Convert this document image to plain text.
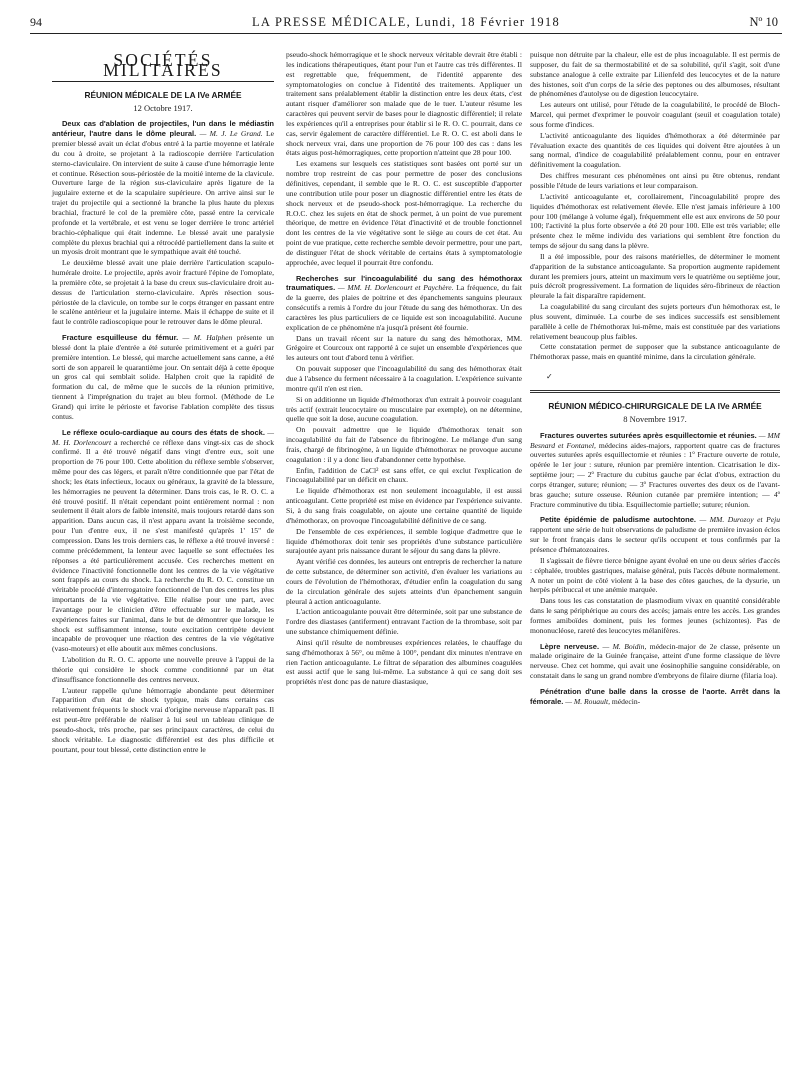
94	LA PRESSE MÉDICALE, Lundi, 18 Février 1918	Nº 10
SOCIÉTÉS MILITAIRES
RÉUNION MÉDICALE DE LA IVe ARMÉE
12 Octobre 1917.

Deux cas d'ablation de projectiles, l'un dans le médiastin antérieur, l'autre dans le dôme pleural. — M. J. Le Grand. Le premier blessé avait un éclat d'obus entré à la partie moyenne et latérale du cou à droite, se projetant à la radioscopie derrière l'articulation sterno-claviculaire. On intervient de suite à cause d'une hémorragie lente et continue. Résection sous-périostée de la moitié interne de la clavicule. Ouverture large de la région sus-claviculaire après ligature de la jugulaire externe et de la scapulaire supérieure. On arrive ainsi sur le trajet du projectile qui a sectionné la branche la plus haute du plexus brachial, fracturé le col de la première côte, passé entre la cervicale profonde et la vertébrale, et est venu se loger derrière le tronc artériel brachio-céphalique qui était indemne. Le blessé avait une paralysie complète du plexus brachial qui a rétrocédé partiellement dans la suite et un myosis droit montrant que le sympathique avait été touché.

Le deuxième blessé avait une plaie derrière l'articulation scapulo-humérale droite. Le projectile, après avoir fracturé l'épine de l'omoplate, la première côte, se projetait à la base du creux sus-claviculaire droit au-dessus de l'articulation sterno-claviculaire. Après résection sous-périostée de la clavicule, on tombe sur le corps étranger en passant entre le scalène antérieur et la jugulaire interne. Mais il échappe de suite et il faut le contrôle radioscopique pour le retrouver dans le dôme pleural.

Fracture esquilleuse du fémur. — M. Halphen présente un blessé dont la plaie d'entrée a été suturée primitivement et a guéri par première intention. Le blessé, qui marche actuellement sans canne, a été sorti de son appareil le quarantième jour. On sentait déjà à cette époque un gros cal qui semblait solide. Halphen croit que la rapidité de formation du cal, de même que le succès de la réunion primitive, tiennent à l'imprégnation du trajet au bleu formol. (Méthode de Le Grand) qui irrite le périoste et favorise l'ablation complète des tissus contus.

Le réflexe oculo-cardiaque au cours des états de shock. — M. H. Dorlencourt a recherché ce réflexe dans vingt-six cas de shock confirmé. Il a été trouvé négatif dans vingt d'entre eux, soit une proportion de 76 pour 100. Cette abolition du réflexe semble s'observer, même pour des cas légers, et paraît n'être conditionnée que par l'état de shock; les états infectieux, locaux ou généraux, la gravité de la blessure, les hémorragies ne peuvent la déterminer. Dans trois cas, le R. O. C. a été trouvé positif. Il n'était cependant point entièrement normal : non seulement il était alors de faible intensité, mais toujours retardé dans son apparition. Dans aucun cas, il n'est apparu avant la troisième seconde, pour l'un d'entre eux, il ne s'est manifesté qu'après 1' 15" de compression. Dans les trois derniers cas, le réflexe a été trouvé inversé : comme précédemment, la lenteur avec laquelle se sont effectuées les réponses a été particulièrement accusée. Ces recherches mettent en évidence l'inactivité fonctionnelle dont les centres de la vie végétative sont frappés au cours du shock. La recherche du R. O. C. constitue un véritable procédé d'interrogatoire fonctionnel de l'un des centres les plus importants de la vie végétative. Elle réalise pour une part, avec l'avantage pour le clinicien d'être effectuable sur le malade, les expériences faites sur l'animal, dans le but de démontrer que lorsque le shock est suffisamment intense, toute excitation centripète devient incapable de provoquer une réaction des centres de la vie végétative (vaso-moteurs) et elle aboutit aux mêmes conclusions.

L'abolition du R. O. C. apporte une nouvelle preuve à l'appui de la théorie qui considère le shock comme conditionné par un état d'insuffisance fonctionnelle des centres nerveux.

L'auteur rappelle qu'une hémorragie abondante peut déterminer l'apparition d'un état de shock typique, mais dans certains cas relativement fréquents le shock vrai d'origine nerveuse n'apparaît pas. Il est peut-être préférable de réaliser à lui seul un tableau clinique de pseudo-shock, très proche, par ses principaux caractères, de celui du shock véritable. Le diagnostic différentiel est des plus difficile et pourtant, pour tout blessé, cette distinction entre le

pseudo-shock hémorragique et le shock nerveux véritable devrait être établi : les indications thérapeutiques, étant pour l'un et l'autre cas très différentes. Il est regrettable que, fréquemment, de l'identité apparente des symptomatologies on conclue à l'identité des traitements. Appliquer un traitement sans préalablement établir la distinction entre les deux états, c'est autant risquer d'améliorer son malade que de le tuer. L'auteur résume les caractères qui peuvent servir de bases pour le diagnostic différentiel; il relate les expériences qu'il a entreprises pour établir si le R. O. C. pourrait, dans ce cas, servir également de caractère différentiel. Le R. O. C. est aboli dans le shock nerveux vrai, dans une proportion de 76 pour 100 des cas : dans les états aigus post-hémorragiques, cette proportion n'atteint que 28 pour 100.

Les examens sur lesquels ces statistiques sont basées ont porté sur un nombre trop restreint de cas pour permettre de poser des conclusions définitives, cependant, il semble que le R. O. C. est susceptible d'apporter une contribution utile pour poser un diagnostic différentiel entre les états de shock nerveux et de pseudo-shock post-hémorragique. La recherche du R.O.C. chez les sujets en état de shock permet, à un point de vue purement théorique, de mettre en évidence l'état d'inactivité et de trouble fonctionnel dont les centres de la vie végétative sont le siège au cours de cet état. Au point de vue pratique, cette recherche semble devoir permettre, pour une part, de distinguer l'état de shock véritable de certains états à symptomatologie approchée, avec lequel il pourrait être confondu.

Recherches sur l'incoagulabilité du sang des hémothorax traumatiques. — MM. H. Dorlencourt et Paychère. La fréquence, du fait de la guerre, des plaies de poitrine et des épanchements sanguins pleuraux consécutifs a remis à l'ordre du jour l'étude du sang des hémothorax. Un des caractères les plus particuliers de ce liquide est son incoagulabilité. Aucune explication de ce phénomène n'a jusqu'à présent été fournie.

Dans un travail récent sur la nature du sang des hémothorax, MM. Grégoire et Courcoux ont rapporté à ce sujet un ensemble d'expériences que les auteurs ont tout d'abord tenu à vérifier.

On pouvait supposer que l'incoagulabilité du sang des hémothorax était due à l'absence du ferment nécessaire à la coagulation. L'expérience suivante montre qu'il n'en est rien.

Si on additionne un liquide d'hémothorax d'un extrait à pouvoir coagulant très actif (extrait leucocytaire ou musculaire par exemple), on ne détermine, quelle que soit la dose, aucune coagulation.

On pouvait admettre que le liquide d'hémothorax tenait son incoagulabilité du fait de l'absence du fibrinogène. Le mélange d'un sang frais, chargé de fibrinogène, à un liquide d'hémothorax ne provoque aucune coagulation : il y a donc lieu d'abandonner cette hypothèse.

Enfin, l'addition de CaCl² est sans effet, ce qui exclut l'explication de l'incoagulabilité par un déficit en chaux.

Le liquide d'hémothorax est non seulement incoagulable, il est aussi anticoagulant. Cette propriété est mise en évidence par l'expérience suivante. Si, à du sang frais coagulable, on ajoute une certaine quantité de liquide d'hémothorax, on provoque l'incoagulabilité définitive de ce sang.

De l'ensemble de ces expériences, il semble logique d'admettre que le liquide d'hémothorax doit tenir ses propriétés d'une substance particulière surajoutée ayant pris naissance durant le séjour du sang dans la plèvre.

Ayant vérifié ces données, les auteurs ont entrepris de rechercher la nature de cette substance, de déterminer son activité, d'en évaluer les variations au cours de l'évolution de l'hémothorax, d'étudier enfin la coagulation du sang de la circulation générale des sujets atteints d'un épanchement sanguin pleural à action anticoagulante.

L'action anticoagulante pouvait être déterminée, soit par une substance de l'ordre des diastases (antiferment) entravant l'action de la thrombase, soit par une substance chimiquement définie.

Ainsi qu'il résulte de nombreuses expériences relatées, le chauffage du sang d'hémothorax à 56°, ou même à 100°, pendant dix minutes n'entrave en rien l'action anticoagulante. Le filtrat de séparation des albumines coagulées est aussi actif que le sang lui-même. La substance à qui ce sang doit ses propriétés n'est donc pas de nature diastasique,

puisque non détruite par la chaleur, elle est de plus incoagulable. Il est permis de supposer, du fait de sa thermostabilité et de sa solubilité, qu'il s'agit, soit d'une substance analogue à celle extraite par Lilienfeld des leucocytes et de la nature des histones, soit d'un corps de la série des peptones ou des albumoses, résultant de phénomènes d'autolyse ou de digestion leucocytaire.

Les auteurs ont utilisé, pour l'étude de la coagulabilité, le procédé de Bloch-Marcel, qui permet d'exprimer le pouvoir coagulant (seuil et coagulation totale) sous forme d'indices.

L'activité anticoagulante des liquides d'hémothorax a été déterminée par l'évaluation exacte des quantités de ces liquides qui doivent être ajoutées à un sang normal, d'indice de coagulabilité préalablement connu, pour en entraver définitivement la coagulation.

Des chiffres mesurant ces phénomènes ont ainsi pu être obtenus, rendant possible l'étude de leurs variations et leur comparaison.

L'activité anticoagulante et, corollairement, l'incoagulabilité propre des liquides d'hémothorax est relativement élevée. Elle n'est jamais inférieure à 100 pour 100 (mélange à volume égal), fréquemment elle est aux environs de 50 pour 100; l'activité la plus forte observée a été 20 pour 100. Elle est très variable; elle présente chez le même individu des variations qui semblent être fonction du temps de séjour du sang dans la plèvre.

Il a été impossible, pour des raisons matérielles, de déterminer le moment d'apparition de la substance anticoagulante. Sa proportion augmente rapidement durant les premiers jours, atteint un maximum vers le quatrième ou septième jour, puis décroît progressivement. La formation de liquides séro-fibrineux de réaction pleurale la fait disparaître rapidement.

La coagulabilité du sang circulant des sujets porteurs d'un hémothorax est, le plus souvent, diminuée. La courbe de ses indices successifs est sensiblement parallèle à celle de l'hémothorax lui-même, mais est constituée par des variations relativement beaucoup plus faibles.

Cette constatation permet de supposer que la substance anticoagulante de l'hémothorax passe, mais en quantité minime, dans la circulation générale.

✓
RÉUNION MÉDICO-CHIRURGICALE DE LA IVe ARMÉE
8 Novembre 1917.

Fractures ouvertes suturées après esquillectomie et réunies. — MM Besnard et Fontanel, médecins aides-majors, rapportent quatre cas de fractures ouvertes suturées après esquillectomie et réunies : 1º Fracture ouverte de rotule, opérée le 1er jour : suture, réunion par première intention. Cicatrisation le dix-septième jour; — 2º Fracture du cubitus gauche par éclat d'obus, extraction du corps étranger, suture; réunion; — 3º Fractures ouvertes des deux os de l'avant-bras gauche; suture osseuse. Réunion cutanée par première intention; — 4º Fracture comminutive du tibia. Esquillectomie partielle; suture; réunion.

Petite épidémie de paludisme autochtone. — MM. Durozoy et Peju rapportent une série de huit observations de paludisme de première invasion éclos sur le front français dans le secteur qu'ils occupent et tous confirmés par la présence d'hématozoaires.

Il s'agissait de fièvre tierce bénigne ayant évolué en une ou deux séries d'accès : céphalée, troubles gastriques, malaise général, puis l'accès débute normalement. A noter un point de côté violent à la base des côtes gauches, de la dysurie, un herpès péribuccal et une anémie marquée.

Dans tous les cas constatation de plasmodium vivax en quantité considérable dans le sang périphérique au cours des accès; jamais entre les accès. Les grandes formes amiboïdes dominent, puis les formes jeunes (schizontes). Pas de mononucléose, rareté des leucocytes mélanifères.

Lèpre nerveuse. — M. Boidin, médecin-major de 2e classe, présente un malade originaire de la Guinée française, atteint d'une forme classique de lèvre nerveuse. Chez cet homme, qui avait une éosinophilie sanguine considérable, on constatait dans le sang un grand nombre d'embryons de filaire diurne (filaria loa).

Pénétration d'une balle dans la crosse de l'aorte. Arrêt dans la fémorale. — M. Rouault, médecin-
